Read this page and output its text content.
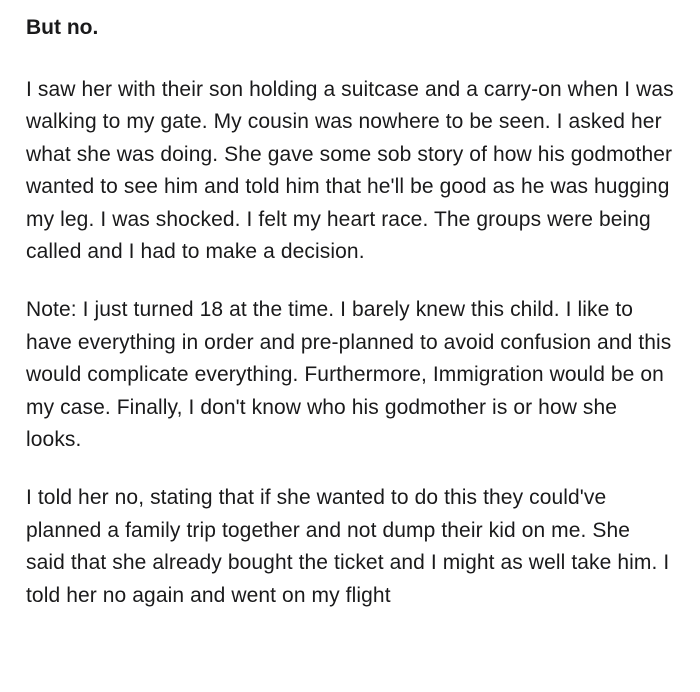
But no.

I saw her with their son holding a suitcase and a carry-on when I was walking to my gate. My cousin was nowhere to be seen. I asked her what she was doing. She gave some sob story of how his godmother wanted to see him and told him that he'll be good as he was hugging my leg. I was shocked. I felt my heart race. The groups were being called and I had to make a decision.

Note: I just turned 18 at the time. I barely knew this child. I like to have everything in order and pre-planned to avoid confusion and this would complicate everything. Furthermore, Immigration would be on my case. Finally, I don't know who his godmother is or how she looks.

I told her no, stating that if she wanted to do this they could've planned a family trip together and not dump their kid on me. She said that she already bought the ticket and I might as well take him. I told her no again and went on my flight
